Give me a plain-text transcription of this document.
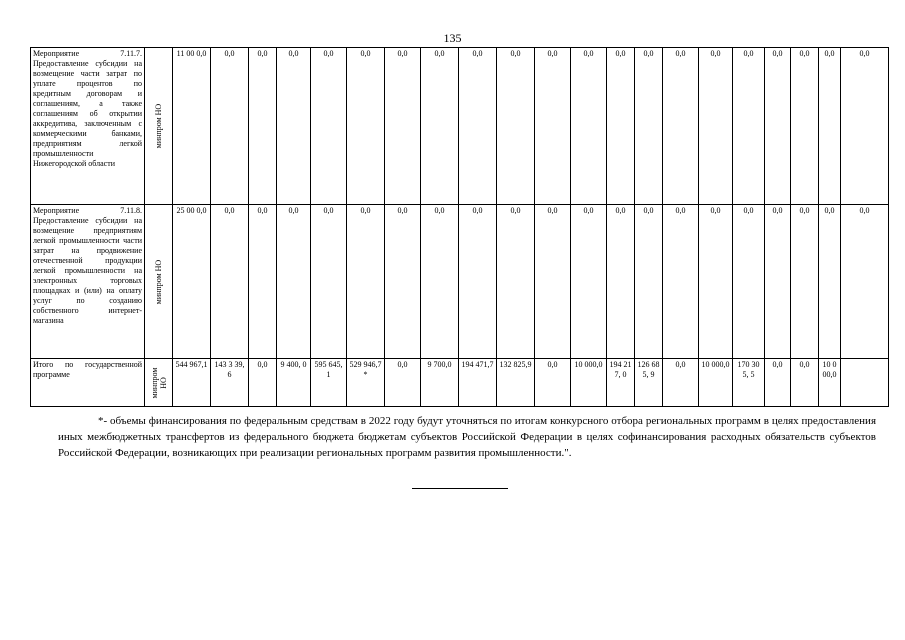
135
Мероприятие 7.11.7. Предоставление субсидии на возмещение части затрат по уплате процентов по кредитным договорам и соглашениям, а также соглашениям об открытии аккредитива, заключенным с коммерческими банками, предприятиям легкой промышленности Нижегородской области	минпром НО	11 00 0,0	0,0	0,0	0,0	0,0	0,0	0,0	0,0	0,0	0,0	0,0	0,0	0,0	0,0	0,0	0,0	0,0	0,0	0,0	0,0	0,0
Мероприятие 7.11.8. Предоставление субсидии на возмещение предприятиям легкой промышленности части затрат на продвижение отечественной продукции легкой промышленности на электронных торговых площадках и (или) на оплату услуг по созданию собственного интернет-магазина	минпром НО	25 00 0,0	0,0	0,0	0,0	0,0	0,0	0,0	0,0	0,0	0,0	0,0	0,0	0,0	0,0	0,0	0,0	0,0	0,0	0,0	0,0	0,0
Итого по государственной программе	минпром НО	544 967,1	143 3 39,6	0,0	9 400, 0	595 645,1	529 946,7 *	0,0	9 700,0	194 471,7	132 825,9	0,0	10 000,0	194 217, 0	126 685, 9	0,0	10 000,0	170 305, 5	0,0	0,0	10 0 00,0	
*- объемы финансирования по федеральным средствам в 2022 году будут уточняться по итогам конкурсного отбора региональных программ в целях предоставления иных межбюджетных трансфертов из федерального бюджета бюджетам субъектов Российской Федерации в целях софинансирования расходных обязательств субъектов Российской Федерации, возникающих при реализации региональных программ развития промышленности.".
